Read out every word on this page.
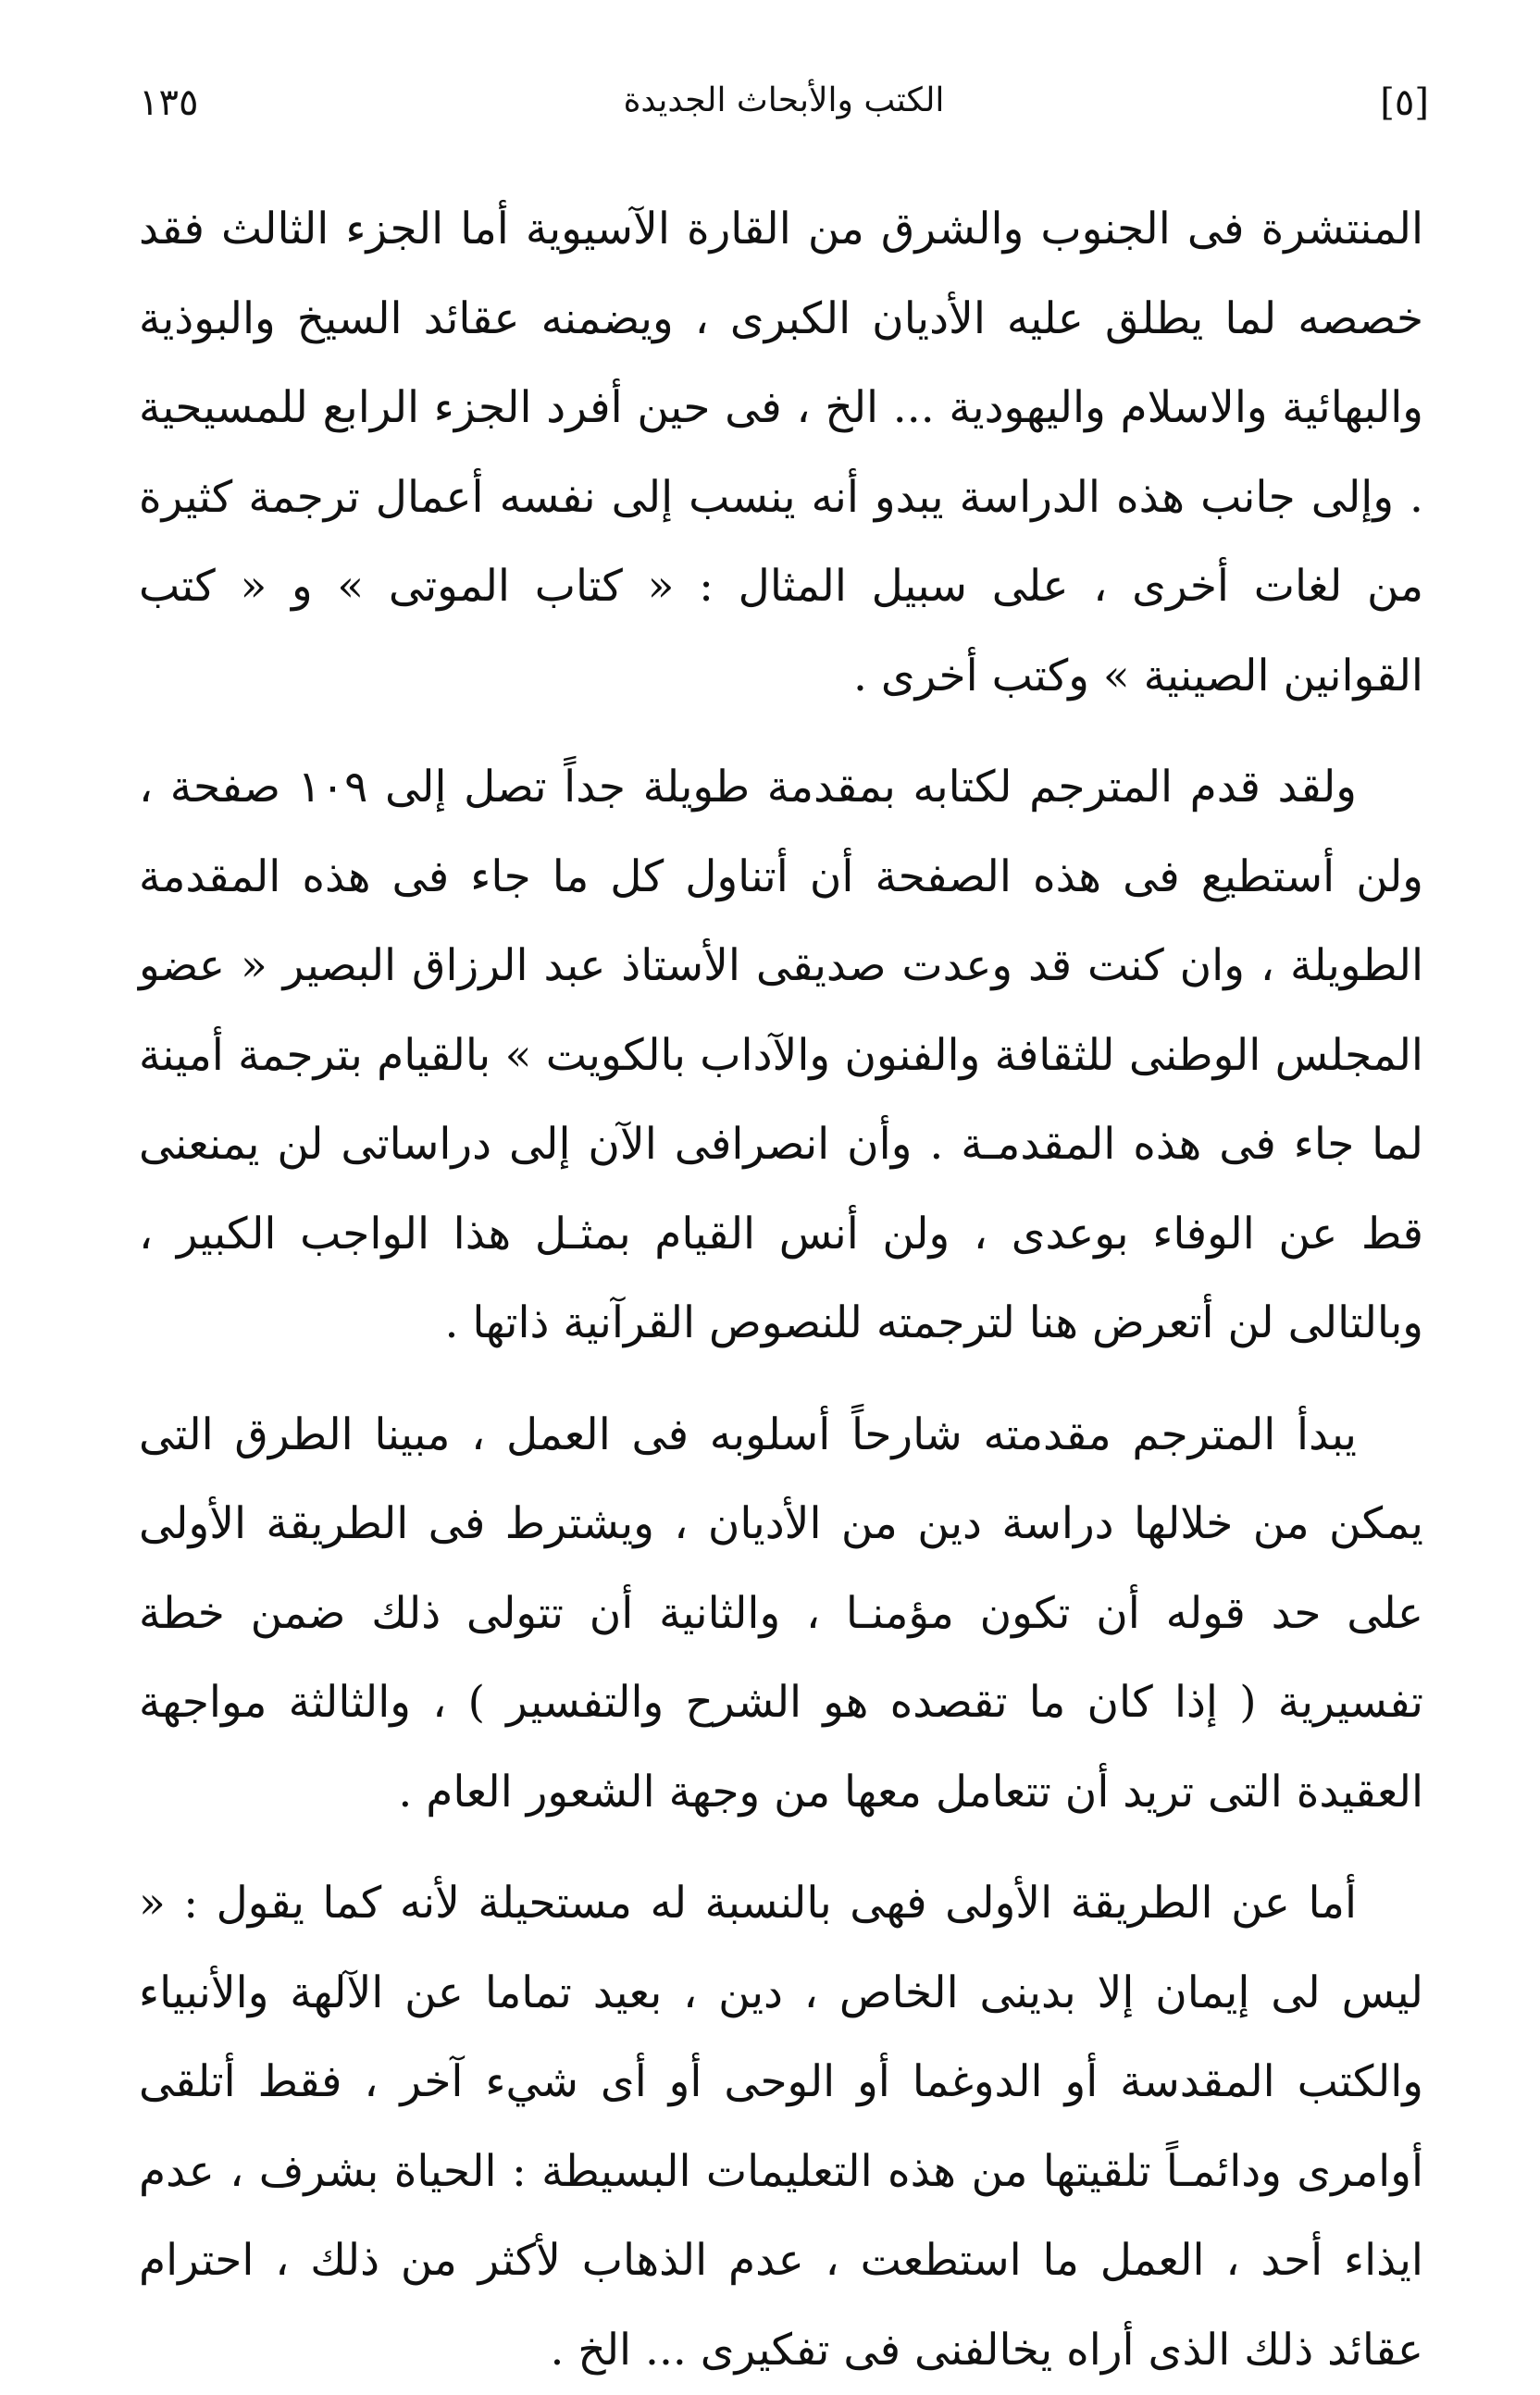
١٣٥	الكتب والأبحاث الجديدة	[٥]

المنتشرة فى الجنوب والشرق من القارة الآسيوية أما الجزء الثالث فقد خصصه لما يطلق عليه الأديان الكبرى ، ويضمنه عقائد السيخ والبوذية والبهائية والاسلام واليهودية ... الخ ، فى حين أفرد الجزء الرابع للمسيحية . وإلى جانب هذه الدراسة يبدو أنه ينسب إلى نفسه أعمال ترجمة كثيرة من لغات أخرى ، على سبيل المثال : « كتاب الموتى » و « كتب القوانين الصينية » وكتب أخرى .

ولقد قدم المترجم لكتابه بمقدمة طويلة جداً تصل إلى ١٠٩ صفحة ، ولن أستطيع فى هذه الصفحة أن أتناول كل ما جاء فى هذه المقدمة الطويلة ، وان كنت قد وعدت صديقى الأستاذ عبد الرزاق البصير « عضو المجلس الوطنى للثقافة والفنون والآداب بالكويت » بالقيام بترجمة أمينة لما جاء فى هذه المقدمـة . وأن انصرافى الآن إلى دراساتى لن يمنعنى قط عن الوفاء بوعدى ، ولن أنس القيام بمثـل هذا الواجب الكبير ، وبالتالى لن أتعرض هنا لترجمته للنصوص القرآنية ذاتها .

يبدأ المترجم مقدمته شارحاً أسلوبه فى العمل ، مبينا الطرق التى يمكن من خلالها دراسة دين من الأديان ، ويشترط فى الطريقة الأولى على حد قوله أن تكون مؤمنـا ، والثانية أن تتولى ذلك ضمن خطة تفسيرية ( إذا كان ما تقصده هو الشرح والتفسير ) ، والثالثة مواجهة العقيدة التى تريد أن تتعامل معها من وجهة الشعور العام .

أما عن الطريقة الأولى فهى بالنسبة له مستحيلة لأنه كما يقول : « ليس لى إيمان إلا بدينى الخاص ، دين ، بعيد تماما عن الآلهة والأنبياء والكتب المقدسة أو الدوغما أو الوحى أو أى شيء آخر ، فقط أتلقى أوامرى ودائمـاً تلقيتها من هذه التعليمات البسيطة : الحياة بشرف ، عدم ايذاء أحد ، العمل ما استطعت ، عدم الذهاب لأكثر من ذلك ، احترام عقائد ذلك الذى أراه يخالفنى فى تفكيرى ... الخ .
